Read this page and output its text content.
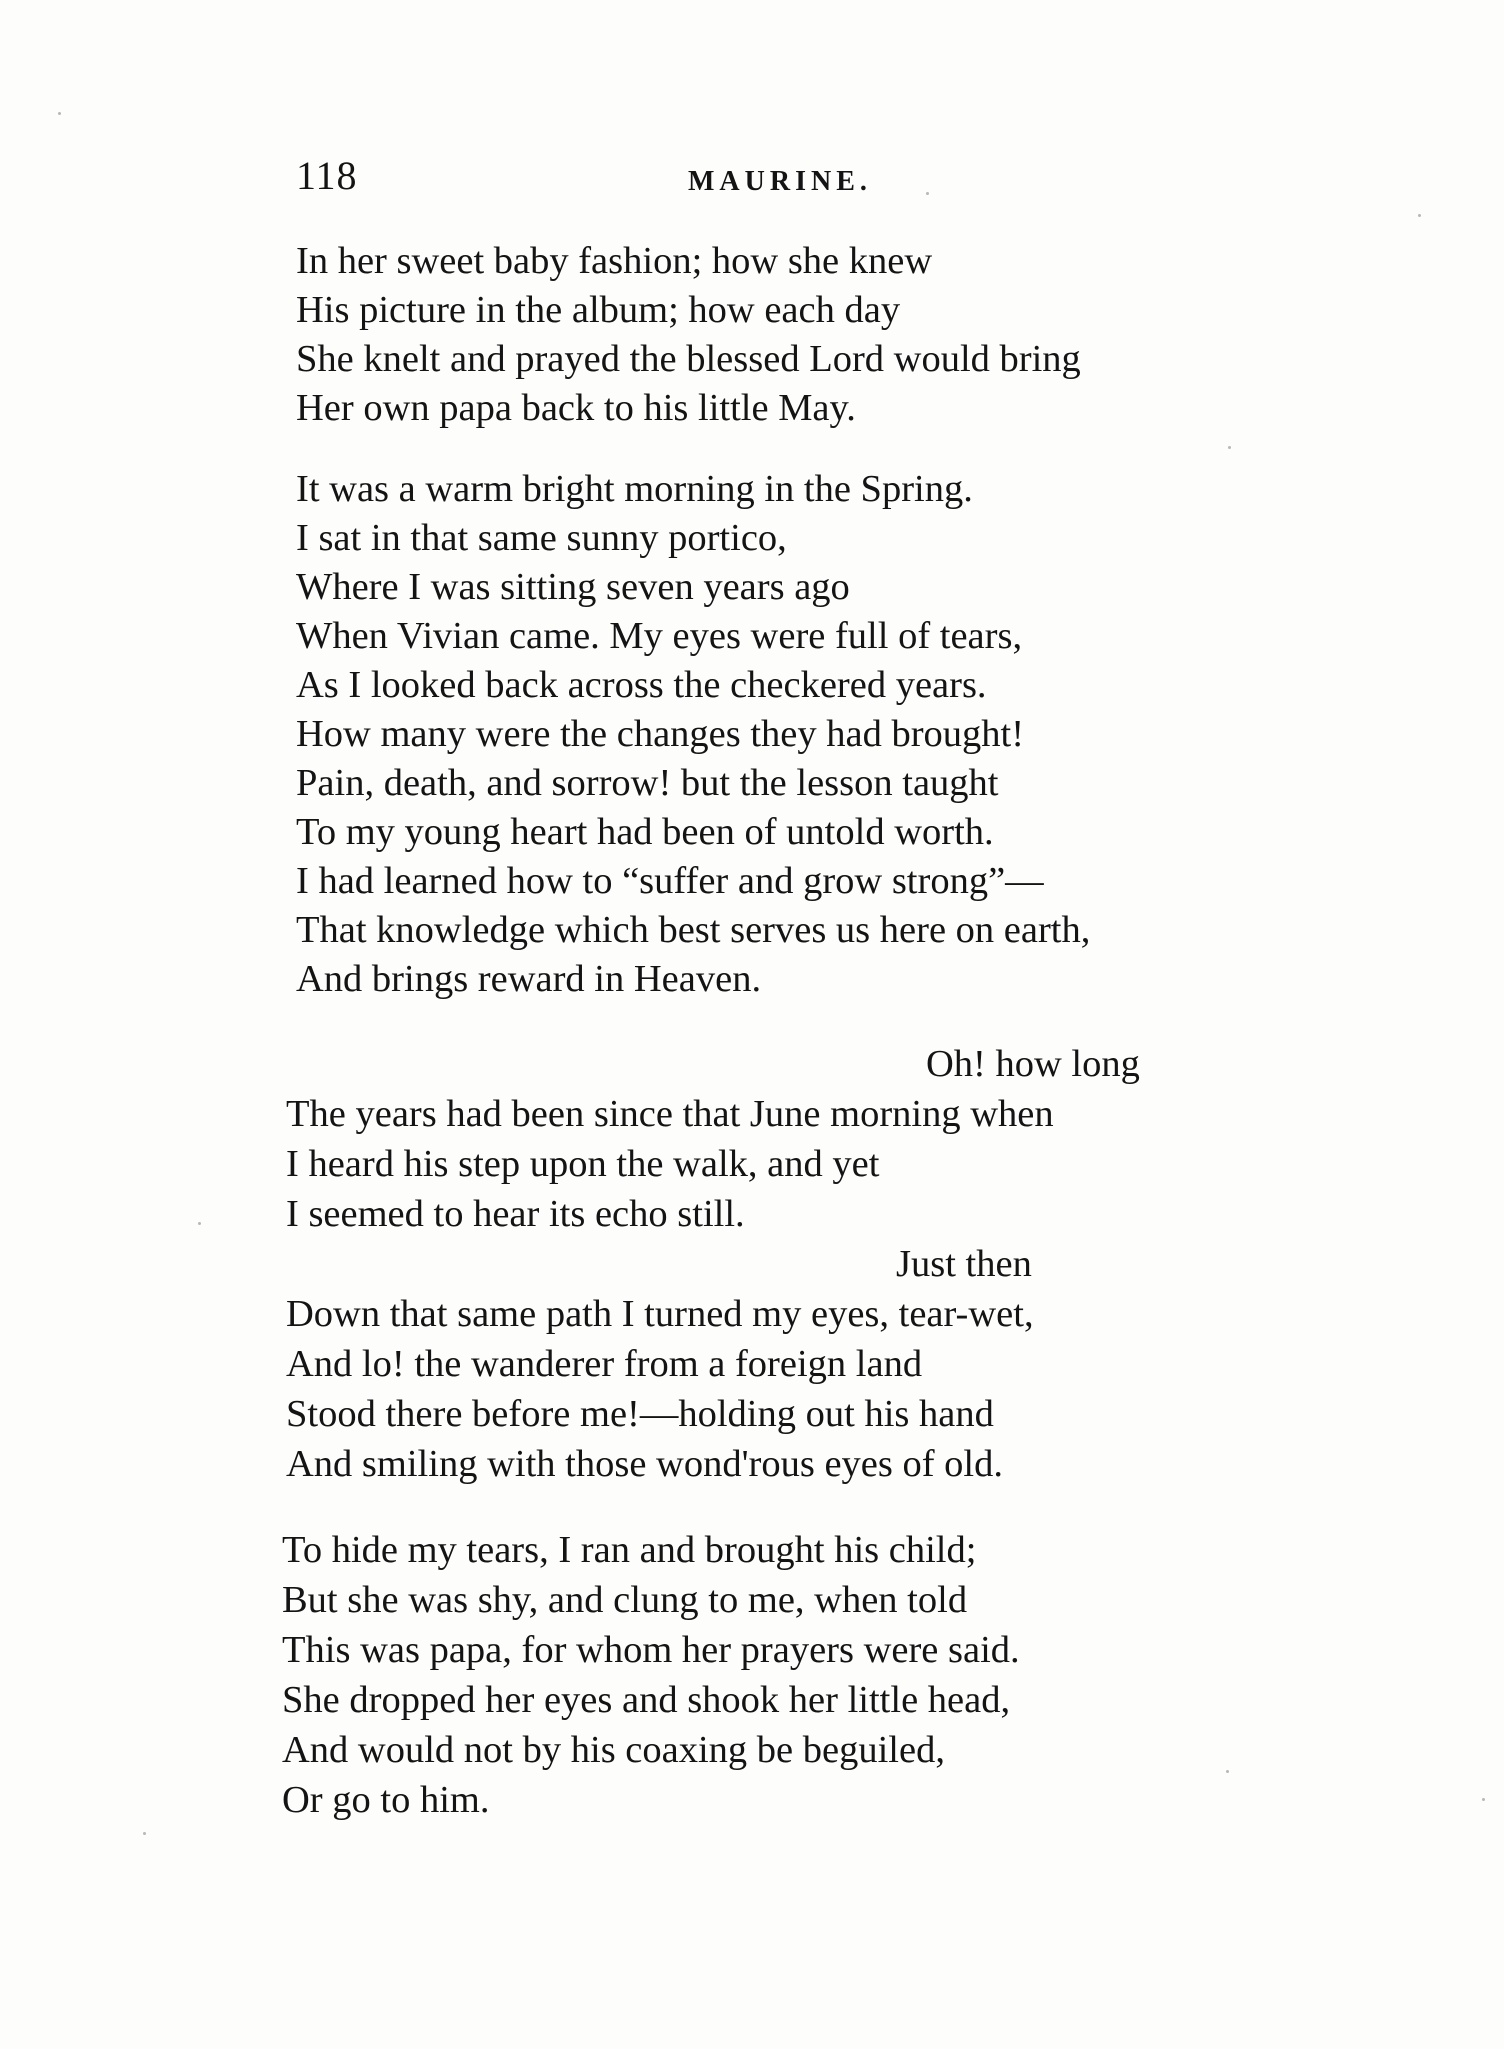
118	MAURINE.
In her sweet baby fashion; how she knew
His picture in the album; how each day
She knelt and prayed the blessed Lord would bring
Her own papa back to his little May.
It was a warm bright morning in the Spring.
I sat in that same sunny portico,
Where I was sitting seven years ago
When Vivian came. My eyes were full of tears,
As I looked back across the checkered years.
How many were the changes they had brought!
Pain, death, and sorrow! but the lesson taught
To my young heart had been of untold worth.
I had learned how to “suffer and grow strong”—
That knowledge which best serves us here on earth,
And brings reward in Heaven.
Oh! how long
The years had been since that June morning when
I heard his step upon the walk, and yet
I seemed to hear its echo still.
Just then
Down that same path I turned my eyes, tear-wet,
And lo! the wanderer from a foreign land
Stood there before me!—holding out his hand
And smiling with those wond'rous eyes of old.
To hide my tears, I ran and brought his child;
But she was shy, and clung to me, when told
This was papa, for whom her prayers were said.
She dropped her eyes and shook her little head,
And would not by his coaxing be beguiled,
Or go to him.
